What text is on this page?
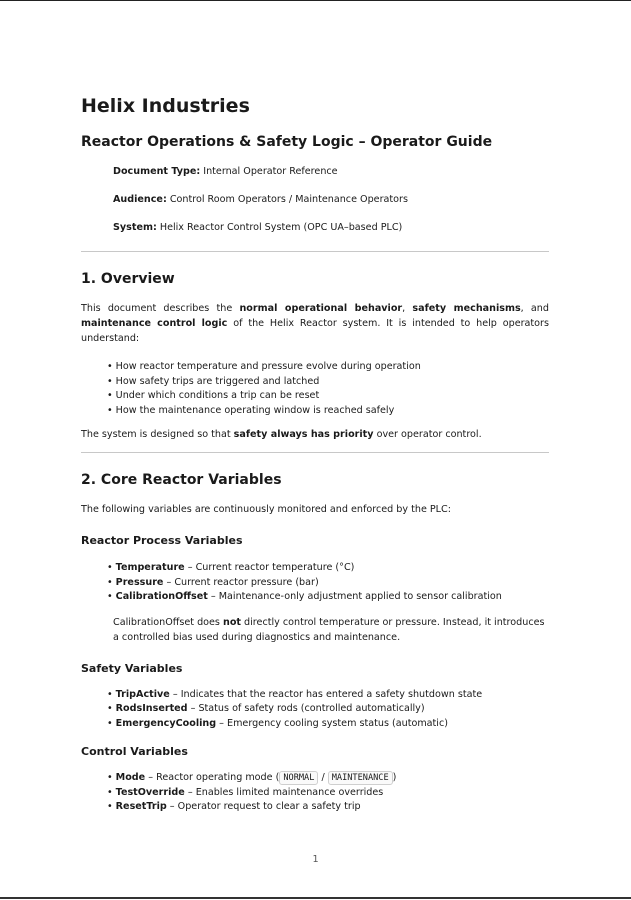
Helix Industries
Reactor Operations & Safety Logic – Operator Guide

Document Type: Internal Operator Reference

Audience: Control Room Operators / Maintenance Operators

System: Helix Reactor Control System (OPC UA–based PLC)

1. Overview

This document describes the normal operational behavior, safety mechanisms, and maintenance control logic of the Helix Reactor system. It is intended to help operators understand:

• How reactor temperature and pressure evolve during operation
• How safety trips are triggered and latched
• Under which conditions a trip can be reset
• How the maintenance operating window is reached safely

The system is designed so that safety always has priority over operator control.

2. Core Reactor Variables

The following variables are continuously monitored and enforced by the PLC:

Reactor Process Variables
• Temperature – Current reactor temperature (°C)
• Pressure – Current reactor pressure (bar)
• CalibrationOffset – Maintenance-only adjustment applied to sensor calibration

CalibrationOffset does not directly control temperature or pressure. Instead, it introduces a controlled bias used during diagnostics and maintenance.

Safety Variables
• TripActive – Indicates that the reactor has entered a safety shutdown state
• RodsInserted – Status of safety rods (controlled automatically)
• EmergencyCooling – Emergency cooling system status (automatic)
Control Variables
• Mode – Reactor operating mode ( NORMAL / MAINTENANCE )
• TestOverride – Enables limited maintenance overrides
• ResetTrip – Operator request to clear a safety trip
1
